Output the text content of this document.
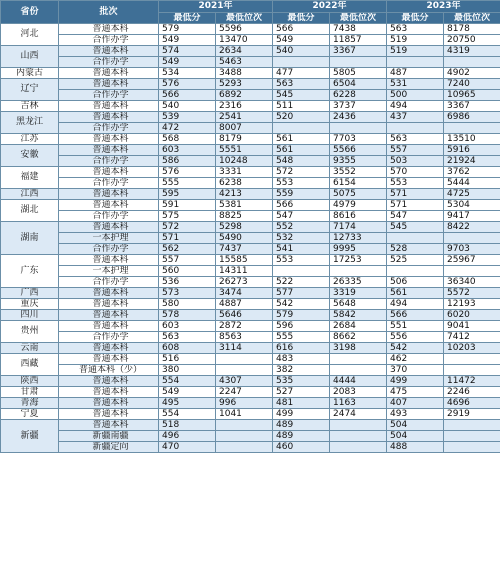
省份	批次	2021年		2022年		2023年	
		最低分	最低位次	最低分	最低位次	最低分	最低位次
河北	普通本科	579	5596	566	7438	563	8178
	合作办学	549	13470	549	11857	519	20750
山西	普通本科	574	2634	540	3367	519	4319
	合作办学	549	5463				
内蒙古	普通本科	534	3488	477	5805	487	4902
辽宁	普通本科	576	5293	563	6504	531	7240
	合作办学	566	6892	545	6228	500	10965
吉林	普通本科	540	2316	511	3737	494	3367
黑龙江	普通本科	539	2541	520	2436	437	6986
	合作办学	472	8007				
江苏	普通本科	568	8179	561	7703	563	13510
安徽	普通本科	603	5551	561	5566	557	5916
	合作办学	586	10248	548	9355	503	21924
福建	普通本科	576	3331	572	3552	570	3762
	合作办学	555	6238	553	6154	553	5444
江西	普通本科	595	4213	559	5075	571	4725
湖北	普通本科	591	5381	566	4979	571	5304
	合作办学	575	8825	547	8616	547	9417
湖南	普通本科	572	5298	552	7174	545	8422
	一本护理	571	5490	532	12733		
	合作办学	562	7437	541	9995	528	9703
广东	普通本科	557	15585	553	17253	525	25967
	一本护理	560	14311				
	合作办学	536	26273	522	26335	506	36340
广西	普通本科	573	3474	577	3319	561	5572
重庆	普通本科	580	4887	542	5648	494	12193
四川	普通本科	578	5646	579	5842	566	6020
贵州	普通本科	603	2872	596	2684	551	9041
	合作办学	563	8563	555	8662	556	7412
云南	普通本科	608	3114	616	3198	542	10203
西藏	普通本科	516		483		462	
	普通本科（少）	380		382		370	
陕西	普通本科	554	4307	535	4444	499	11472
甘肃	普通本科	549	2247	527	2083	475	2246
青海	普通本科	495	996	481	1163	407	4696
宁夏	普通本科	554	1041	499	2474	493	2919
新疆	普通本科	518		489		504	
	新疆南疆	496		489		504	
	新疆定向	470		460		488	
